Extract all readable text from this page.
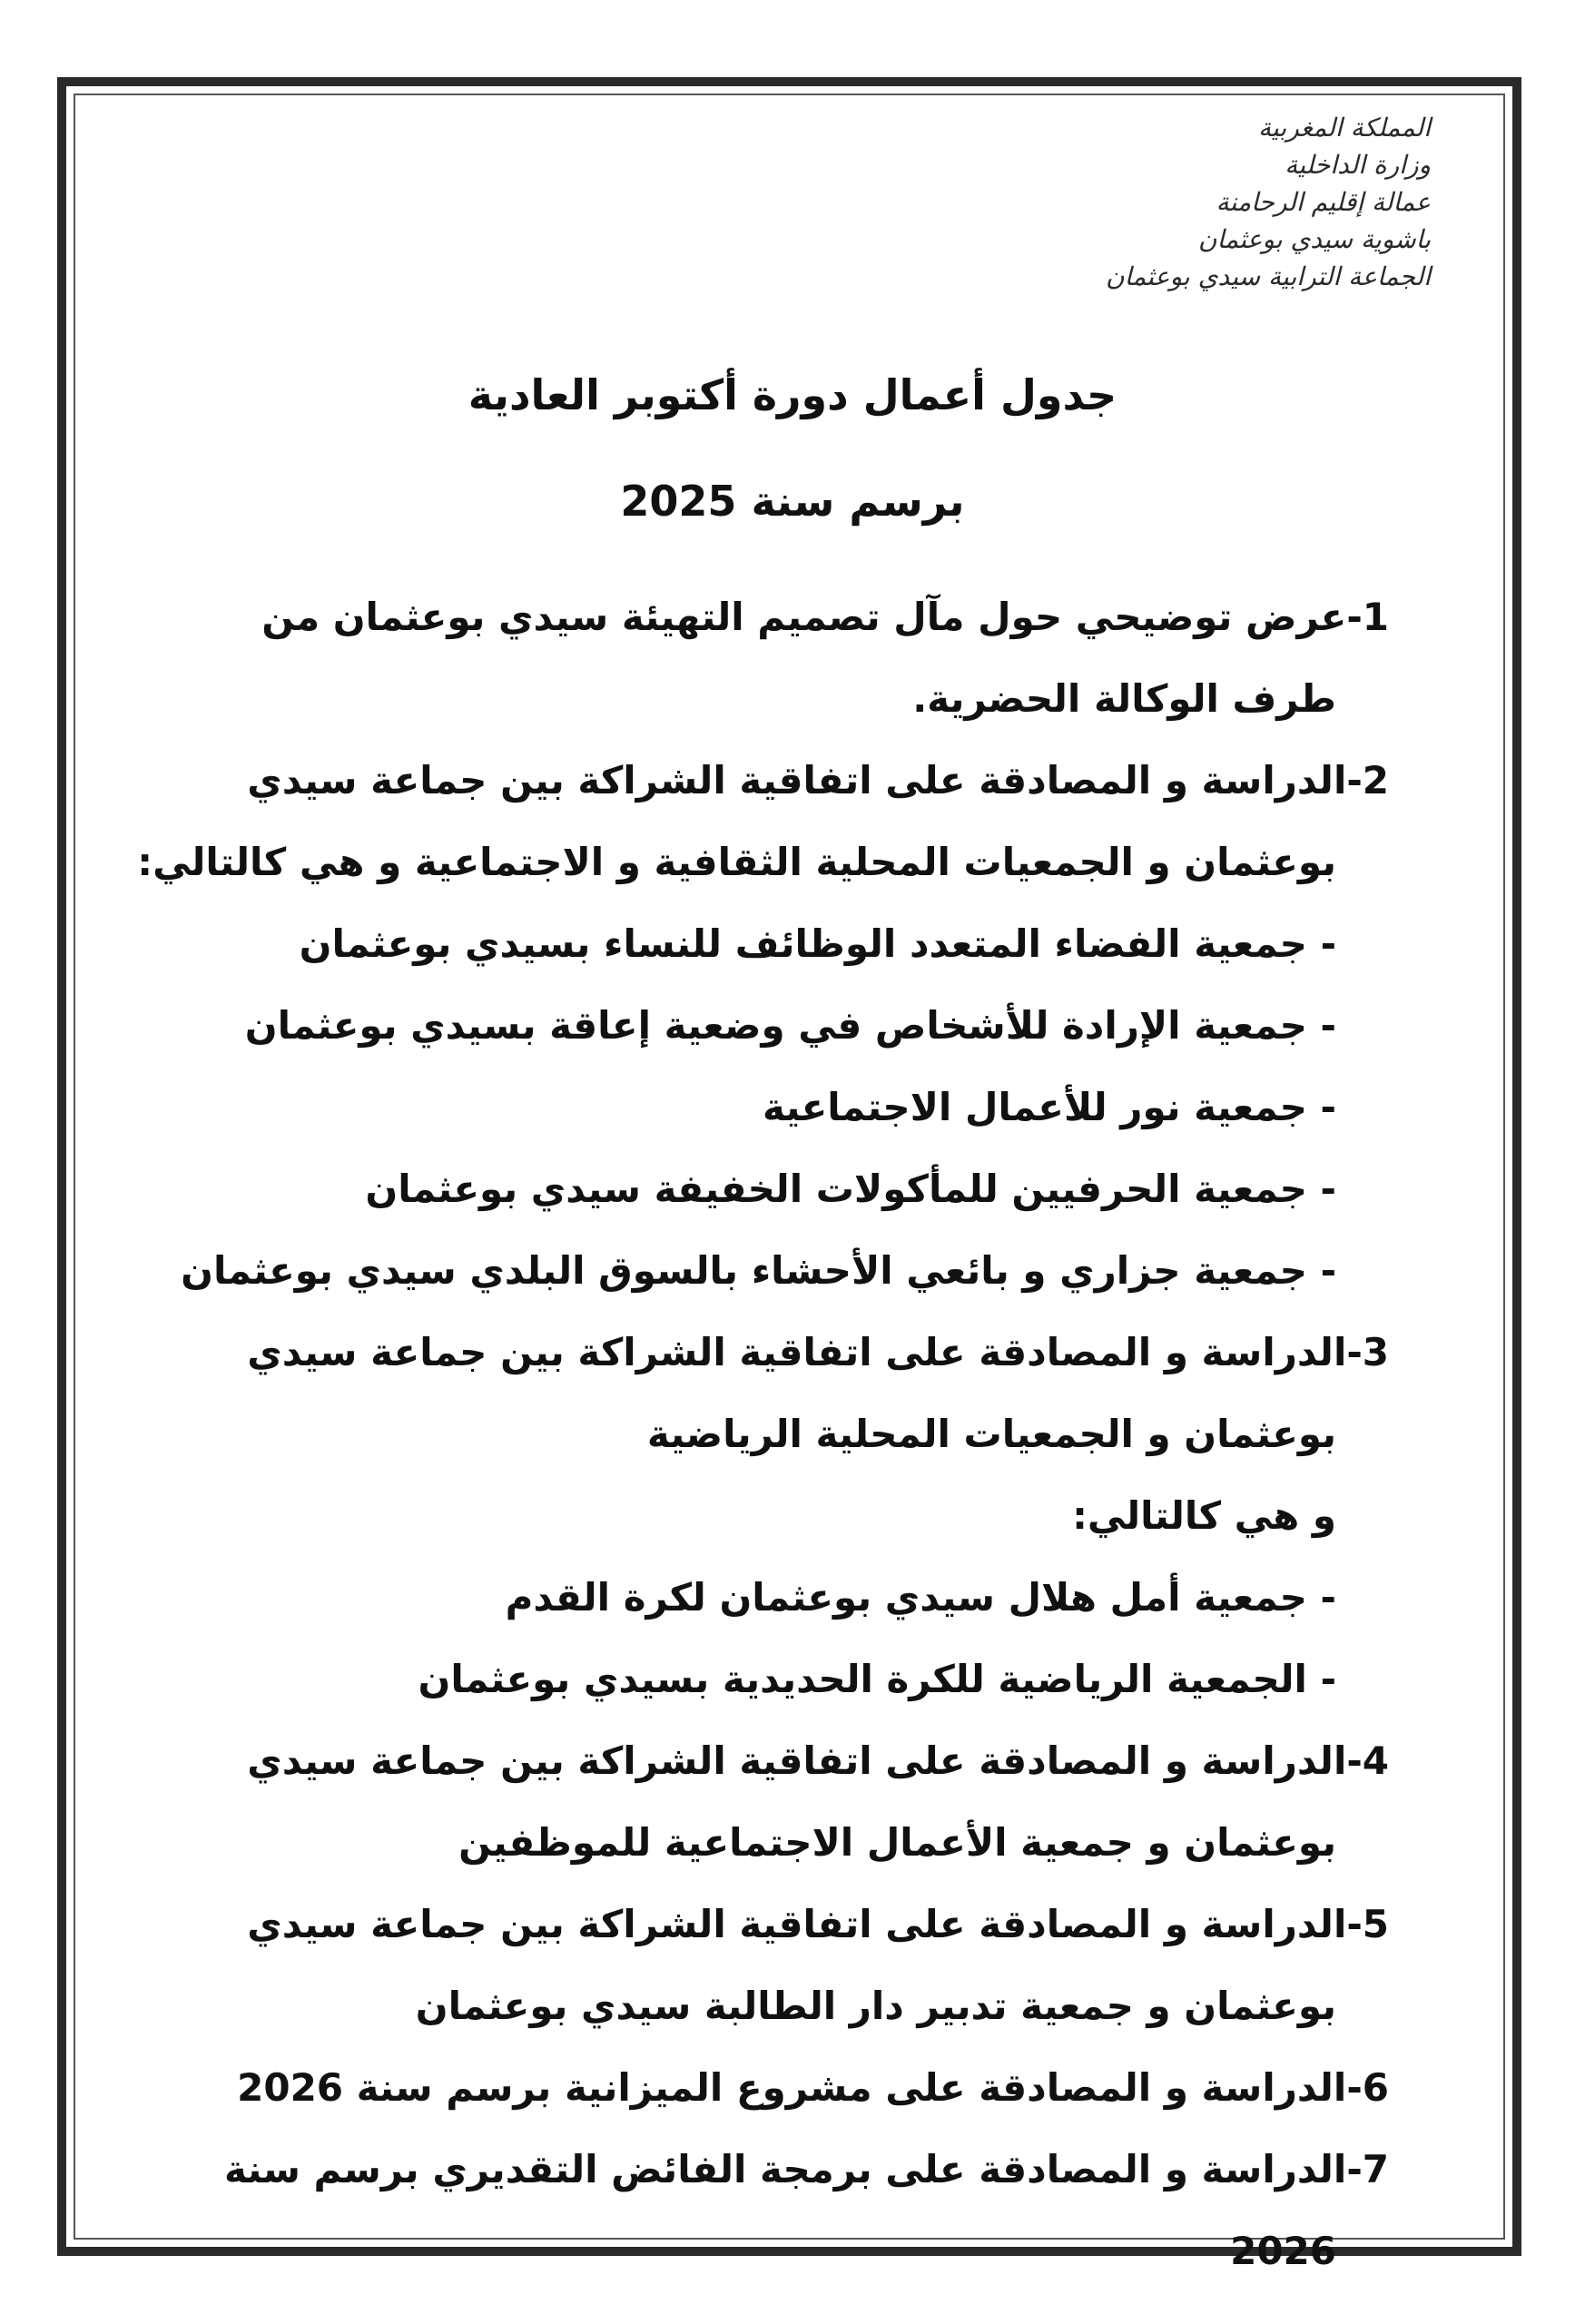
المملكة المغربية
وزارة الداخلية
عمالة إقليم الرحامنة
باشوية سيدي بوعثمان
الجماعة الترابية سيدي بوعثمان
جدول أعمال دورة أكتوبر العادية
برسم سنة 2025
1-عرض توضيحي حول مآل تصميم التهيئة سيدي بوعثمان من
طرف الوكالة الحضرية.
2-الدراسة و المصادقة على اتفاقية الشراكة بين جماعة سيدي
بوعثمان و الجمعيات المحلية الثقافية و الاجتماعية و هي كالتالي:
- جمعية الفضاء المتعدد الوظائف للنساء بسيدي بوعثمان
- جمعية الإرادة للأشخاص في وضعية إعاقة بسيدي بوعثمان
- جمعية نور للأعمال الاجتماعية
- جمعية الحرفيين للمأكولات الخفيفة سيدي بوعثمان
- جمعية جزاري و بائعي الأحشاء بالسوق البلدي سيدي بوعثمان
3-الدراسة و المصادقة على اتفاقية الشراكة بين جماعة سيدي
بوعثمان و الجمعيات المحلية الرياضية
و هي كالتالي:
- جمعية أمل هلال سيدي بوعثمان لكرة القدم
- الجمعية الرياضية للكرة الحديدية بسيدي بوعثمان
4-الدراسة و المصادقة على اتفاقية الشراكة بين جماعة سيدي
بوعثمان و جمعية الأعمال الاجتماعية للموظفين
5-الدراسة و المصادقة على اتفاقية الشراكة بين جماعة سيدي
بوعثمان و جمعية تدبير دار الطالبة سيدي بوعثمان
6-الدراسة و المصادقة على مشروع الميزانية برسم سنة 2026
7-الدراسة و المصادقة على برمجة الفائض التقديري برسم سنة
2026
